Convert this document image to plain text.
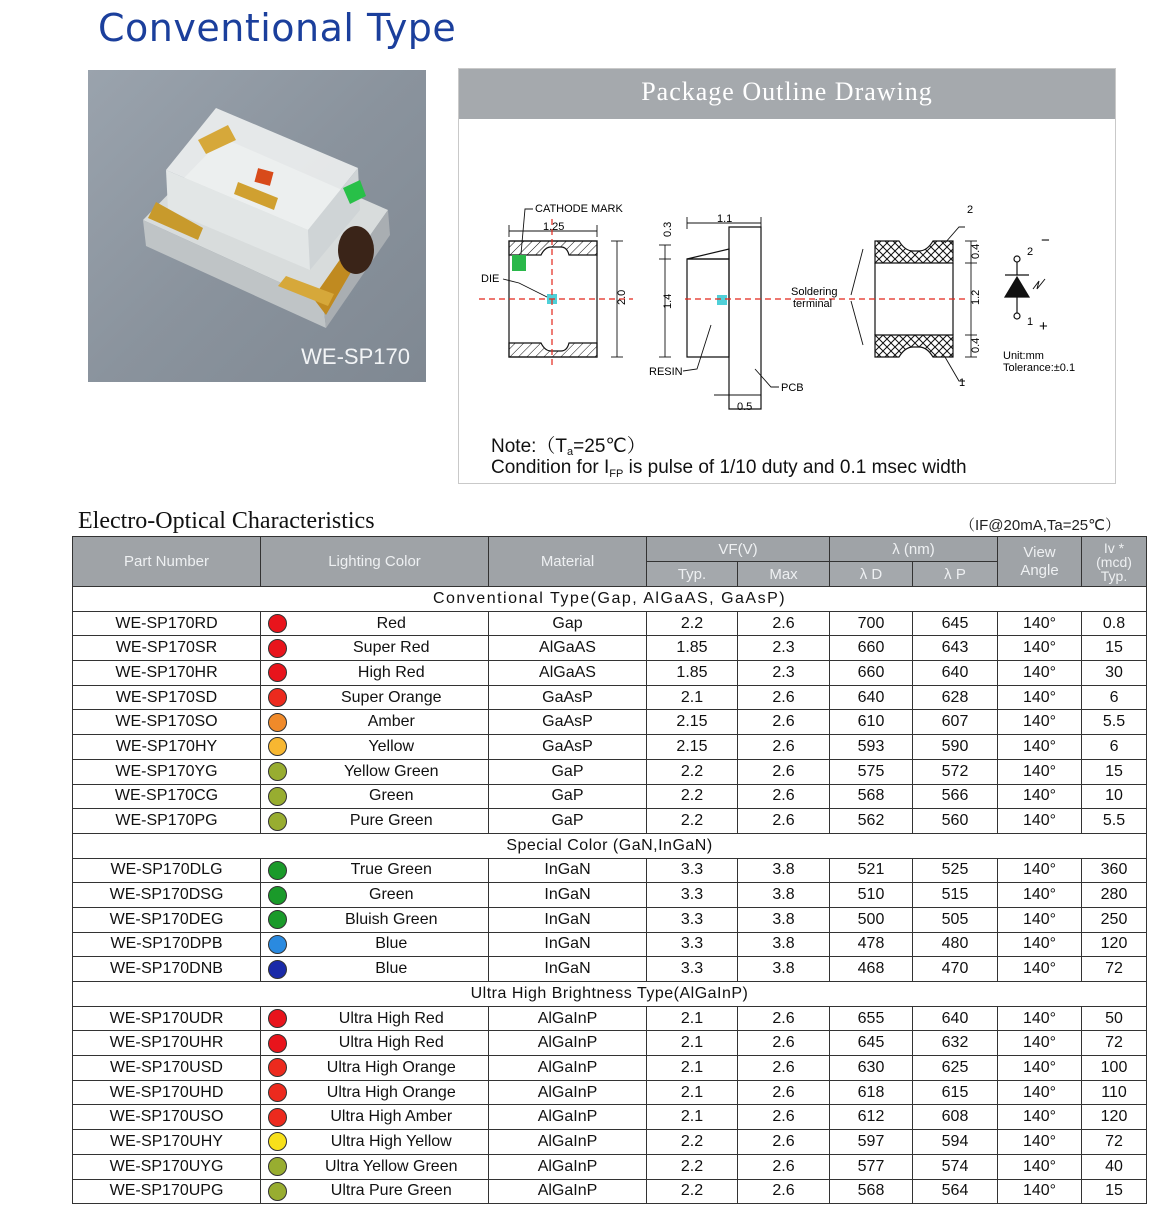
Conventional Type
WE-SP170
Package Outline Drawing
CATHODE MARK
1.25
DIE
2.0
1.1
0.3
1.4
RESIN
PCB
0.5
Soldering
terminal
0.4
1.2
0.4
2
1
2
−
1 +
Unit:mm
Tolerance:±0.1
Note:（Ta=25℃）
Condition for $I_{FP}$ is pulse of 1/10 duty and 0.1 msec width
Electro-Optical Characteristics	（IF@20mA,Ta=25℃）
Part Number	Lighting Color		Material	VF(V)		λ (nm)		View
Angle	Iv *
(mcd)
Typ.
				Typ.	Max	λ D	λ P		
Conventional Type(Gap, AlGaAS, GaAsP)									
WE-SP170RD		Red	Gap	2.2	2.6	700	645	140°	0.8
WE-SP170SR		Super Red	AlGaAS	1.85	2.3	660	643	140°	15
WE-SP170HR		High Red	AlGaAS	1.85	2.3	660	640	140°	30
WE-SP170SD		Super Orange	GaAsP	2.1	2.6	640	628	140°	6
WE-SP170SO		Amber	GaAsP	2.15	2.6	610	607	140°	5.5
WE-SP170HY		Yellow	GaAsP	2.15	2.6	593	590	140°	6
WE-SP170YG		Yellow Green	GaP	2.2	2.6	575	572	140°	15
WE-SP170CG		Green	GaP	2.2	2.6	568	566	140°	10
WE-SP170PG		Pure Green	GaP	2.2	2.6	562	560	140°	5.5
Special Color (GaN,InGaN)									
WE-SP170DLG		True Green	InGaN	3.3	3.8	521	525	140°	360
WE-SP170DSG		Green	InGaN	3.3	3.8	510	515	140°	280
WE-SP170DEG		Bluish Green	InGaN	3.3	3.8	500	505	140°	250
WE-SP170DPB		Blue	InGaN	3.3	3.8	478	480	140°	120
WE-SP170DNB		Blue	InGaN	3.3	3.8	468	470	140°	72
Ultra High Brightness Type(AlGaInP)									
WE-SP170UDR		Ultra High Red	AlGaInP	2.1	2.6	655	640	140°	50
WE-SP170UHR		Ultra High Red	AlGaInP	2.1	2.6	645	632	140°	72
WE-SP170USD		Ultra High Orange	AlGaInP	2.1	2.6	630	625	140°	100
WE-SP170UHD		Ultra High Orange	AlGaInP	2.1	2.6	618	615	140°	110
WE-SP170USO		Ultra High Amber	AlGaInP	2.1	2.6	612	608	140°	120
WE-SP170UHY		Ultra High Yellow	AlGaInP	2.2	2.6	597	594	140°	72
WE-SP170UYG		Ultra Yellow Green	AlGaInP	2.2	2.6	577	574	140°	40
WE-SP170UPG		Ultra Pure Green	AlGaInP	2.2	2.6	568	564	140°	15
